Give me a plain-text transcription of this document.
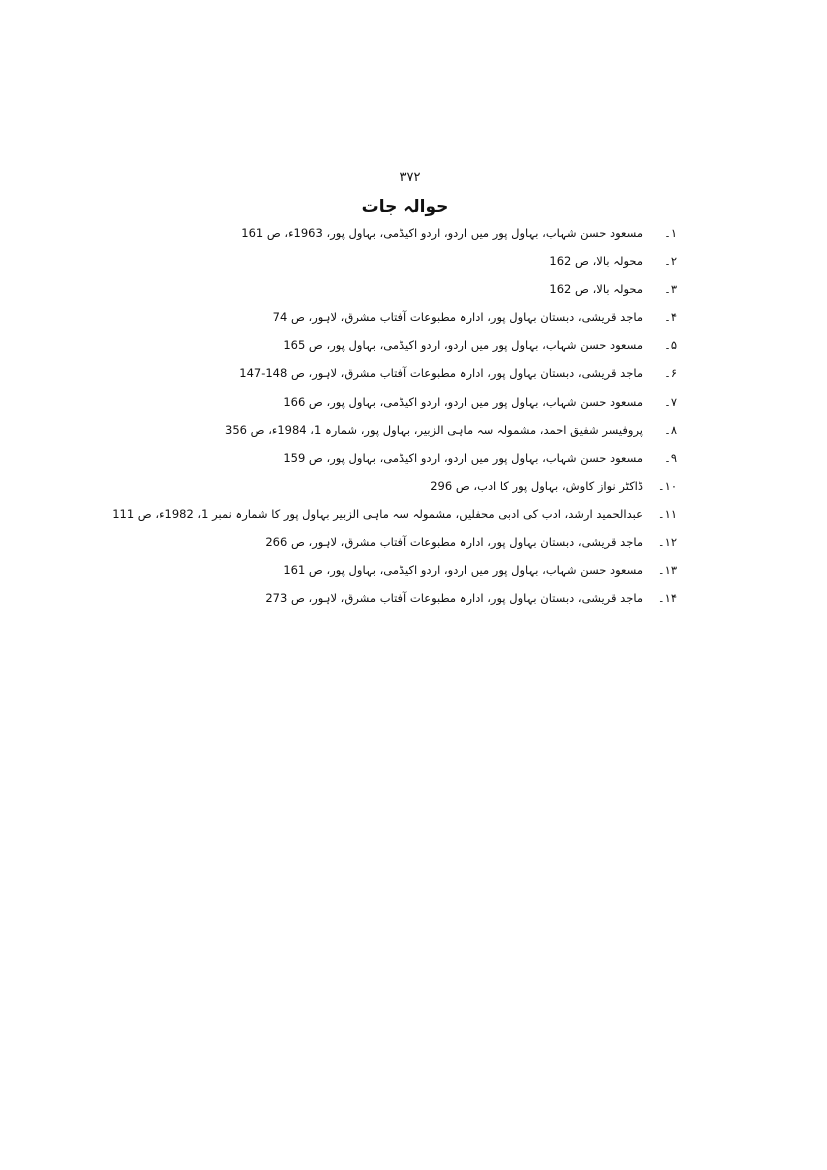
۳۷۲
حوالہ جات
۱۔
مسعود حسن شہاب، بہاول پور میں اردو، اردو اکیڈمی، بہاول پور، 1963ء، ص 161
۲۔
محولہ بالا، ص 162
۳۔
محولہ بالا، ص 162
۴۔
ماجد قریشی، دبستان بہاول پور، ادارہ مطبوعات آفتاب مشرق، لاہور، ص 74
۵۔
مسعود حسن شہاب، بہاول پور میں اردو، اردو اکیڈمی، بہاول پور، ص 165
۶۔
ماجد قریشی، دبستان بہاول پور، ادارہ مطبوعات آفتاب مشرق، لاہور، ص 148-147
۷۔
مسعود حسن شہاب، بہاول پور میں اردو، اردو اکیڈمی، بہاول پور، ص 166
۸۔
پروفیسر شفیق احمد، مشمولہ سہ ماہی الزبیر، بہاول پور، شمارہ 1، 1984ء، ص 356
۹۔
مسعود حسن شہاب، بہاول پور میں اردو، اردو اکیڈمی، بہاول پور، ص 159
۱۰۔
ڈاکٹر نواز کاوش، بہاول پور کا ادب، ص 296
۱۱۔
عبدالحمید ارشد، ادب کی ادبی محفلیں، مشمولہ سہ ماہی الزبیر بہاول پور کا شمارہ نمبر 1، 1982ء، ص 111
۱۲۔
ماجد قریشی، دبستان بہاول پور، ادارہ مطبوعات آفتاب مشرق، لاہور، ص 266
۱۳۔
مسعود حسن شہاب، بہاول پور میں اردو، اردو اکیڈمی، بہاول پور، ص 161
۱۴۔
ماجد قریشی، دبستان بہاول پور، ادارہ مطبوعات آفتاب مشرق، لاہور، ص 273
